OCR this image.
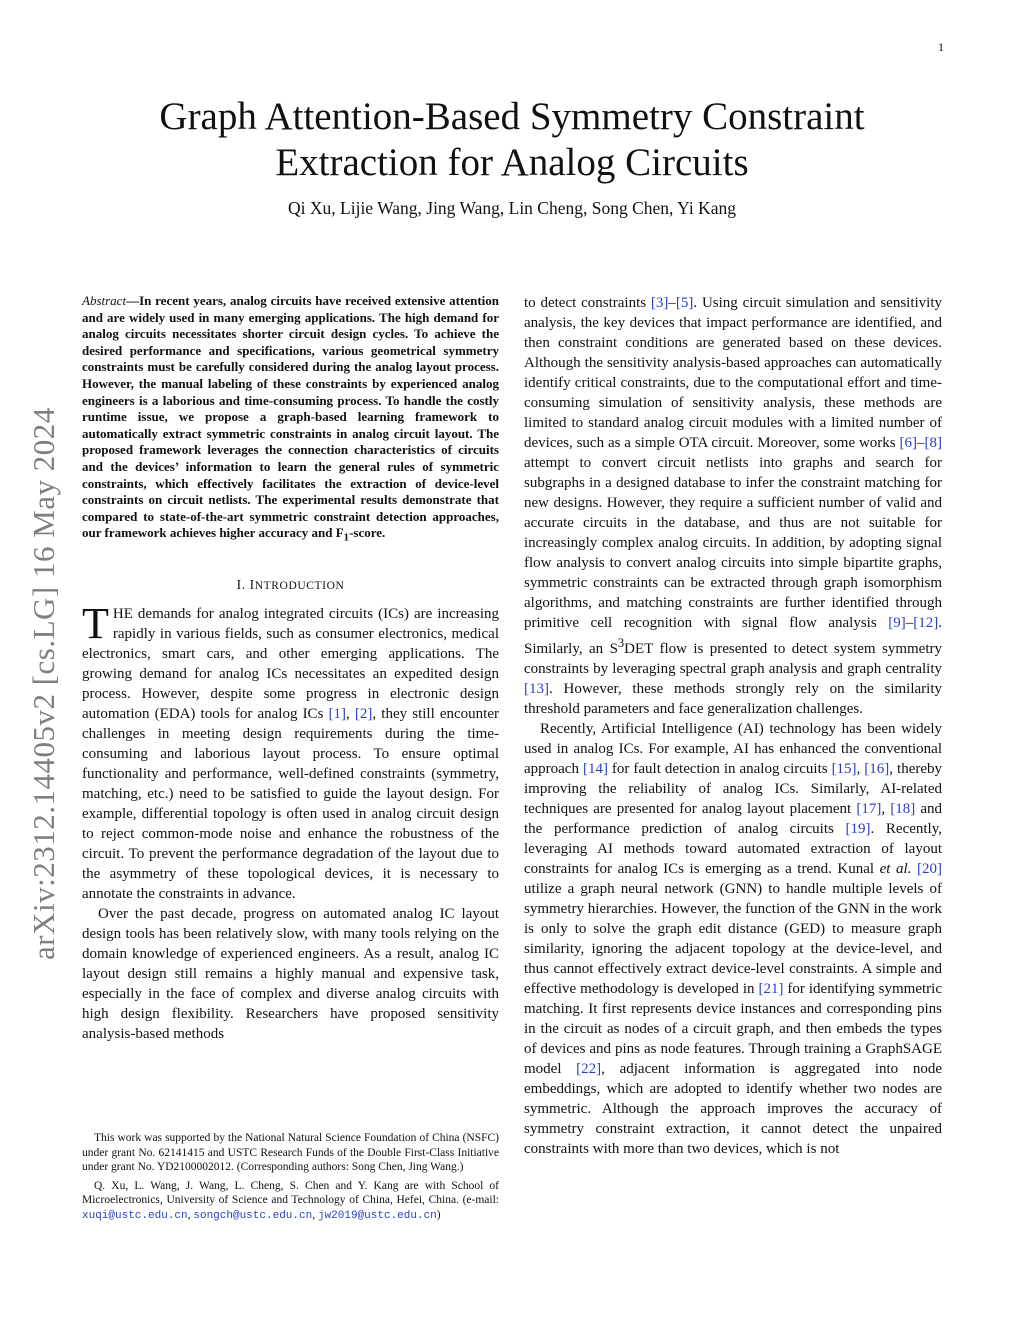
1
arXiv:2312.14405v2 [cs.LG] 16 May 2024
Graph Attention-Based Symmetry Constraint
Extraction for Analog Circuits
Qi Xu, Lijie Wang, Jing Wang, Lin Cheng, Song Chen, Yi Kang

Abstract—In recent years, analog circuits have received extensive attention and are widely used in many emerging applications. The high demand for analog circuits necessitates shorter circuit design cycles. To achieve the desired performance and specifications, various geometrical symmetry constraints must be carefully considered during the analog layout process. However, the manual labeling of these constraints by experienced analog engineers is a laborious and time-consuming process. To handle the costly runtime issue, we propose a graph-based learning framework to automatically extract symmetric constraints in analog circuit layout. The proposed framework leverages the connection characteristics of circuits and the devices’ information to learn the general rules of symmetric constraints, which effectively facilitates the extraction of device-level constraints on circuit netlists. The experimental results demonstrate that compared to state-of-the-art symmetric constraint detection approaches, our framework achieves higher accuracy and $F_1$-score.

I. INTRODUCTION

THE demands for analog integrated circuits (ICs) are increasing rapidly in various fields, such as consumer electronics, medical electronics, smart cars, and other emerging applications. The growing demand for analog ICs necessitates an expedited design process. However, despite some progress in electronic design automation (EDA) tools for analog ICs [1], [2], they still encounter challenges in meeting design requirements during the time-consuming and laborious layout process. To ensure optimal functionality and performance, well-defined constraints (symmetry, matching, etc.) need to be satisfied to guide the layout design. For example, differential topology is often used in analog circuit design to reject common-mode noise and enhance the robustness of the circuit. To prevent the performance degradation of the layout due to the asymmetry of these topological devices, it is necessary to annotate the constraints in advance.

Over the past decade, progress on automated analog IC layout design tools has been relatively slow, with many tools relying on the domain knowledge of experienced engineers. As a result, analog IC layout design still remains a highly manual and expensive task, especially in the face of complex and diverse analog circuits with high design flexibility. Researchers have proposed sensitivity analysis-based methods

This work was supported by the National Natural Science Foundation of China (NSFC) under grant No. 62141415 and USTC Research Funds of the Double First-Class Initiative under grant No. YD2100002012. (Corresponding authors: Song Chen, Jing Wang.)

Q. Xu, L. Wang, J. Wang, L. Cheng, S. Chen and Y. Kang are with School of Microelectronics, University of Science and Technology of China, Hefei, China. (e-mail: xuqi@ustc.edu.cn, songch@ustc.edu.cn, jw2019@ustc.edu.cn)

to detect constraints [3]–[5]. Using circuit simulation and sensitivity analysis, the key devices that impact performance are identified, and then constraint conditions are generated based on these devices. Although the sensitivity analysis-based approaches can automatically identify critical constraints, due to the computational effort and time-consuming simulation of sensitivity analysis, these methods are limited to standard analog circuit modules with a limited number of devices, such as a simple OTA circuit. Moreover, some works [6]–[8] attempt to convert circuit netlists into graphs and search for subgraphs in a designed database to infer the constraint matching for new designs. However, they require a sufficient number of valid and accurate circuits in the database, and thus are not suitable for increasingly complex analog circuits. In addition, by adopting signal flow analysis to convert analog circuits into simple bipartite graphs, symmetric constraints can be extracted through graph isomorphism algorithms, and matching constraints are further identified through primitive cell recognition with signal flow analysis [9]–[12]. Similarly, an $S^3DET$ flow is presented to detect system symmetry constraints by leveraging spectral graph analysis and graph centrality [13]. However, these methods strongly rely on the similarity threshold parameters and face generalization challenges.

Recently, Artificial Intelligence (AI) technology has been widely used in analog ICs. For example, AI has enhanced the conventional approach [14] for fault detection in analog circuits [15], [16], thereby improving the reliability of analog ICs. Similarly, AI-related techniques are presented for analog layout placement [17], [18] and the performance prediction of analog circuits [19]. Recently, leveraging AI methods toward automated extraction of layout constraints for analog ICs is emerging as a trend. Kunal et al. [20] utilize a graph neural network (GNN) to handle multiple levels of symmetry hierarchies. However, the function of the GNN in the work is only to solve the graph edit distance (GED) to measure graph similarity, ignoring the adjacent topology at the device-level, and thus cannot effectively extract device-level constraints. A simple and effective methodology is developed in [21] for identifying symmetric matching. It first represents device instances and corresponding pins in the circuit as nodes of a circuit graph, and then embeds the types of devices and pins as node features. Through training a GraphSAGE model [22], adjacent information is aggregated into node embeddings, which are adopted to identify whether two nodes are symmetric. Although the approach improves the accuracy of symmetry constraint extraction, it cannot detect the unpaired constraints with more than two devices, which is not
